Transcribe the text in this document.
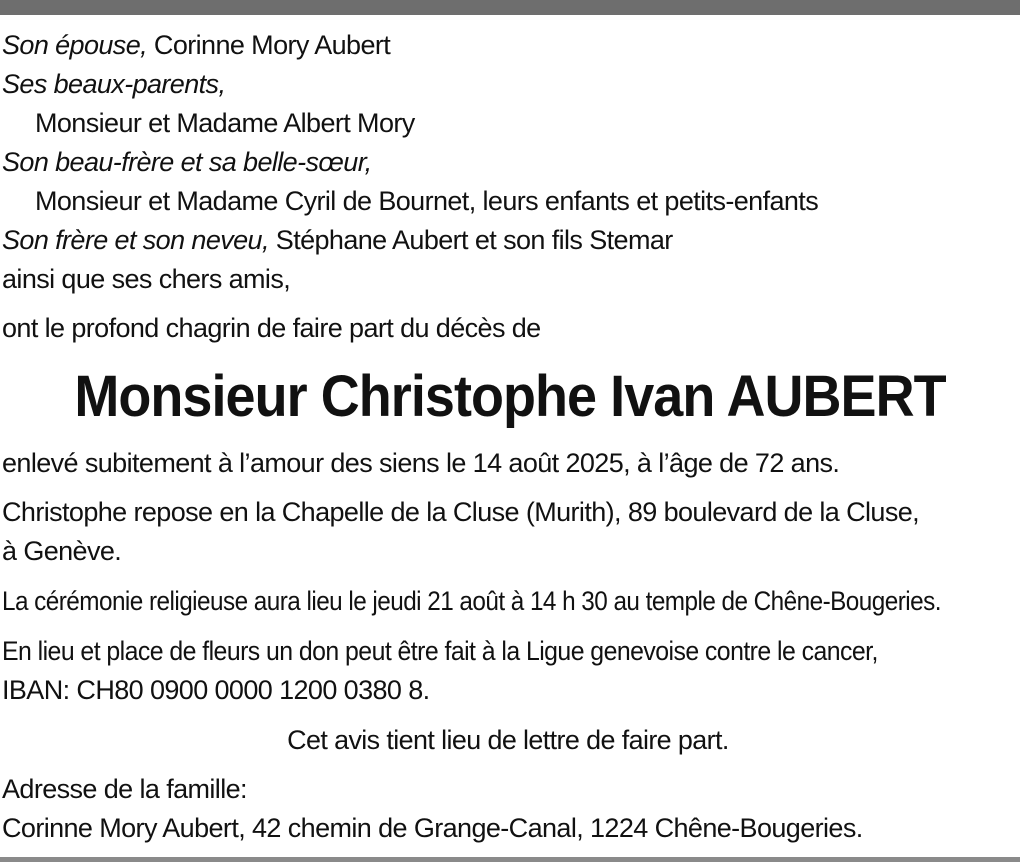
Son épouse, Corinne Mory Aubert
Ses beaux-parents,
Monsieur et Madame Albert Mory
Son beau-frère et sa belle-sœur,
Monsieur et Madame Cyril de Bournet, leurs enfants et petits-enfants
Son frère et son neveu, Stéphane Aubert et son fils Stemar
ainsi que ses chers amis,
ont le profond chagrin de faire part du décès de
Monsieur Christophe Ivan AUBERT
enlevé subitement à l’amour des siens le 14 août 2025, à l’âge de 72 ans.
Christophe repose en la Chapelle de la Cluse (Murith), 89 boulevard de la Cluse,
à Genève.
La cérémonie religieuse aura lieu le jeudi 21 août à 14 h 30 au temple de Chêne-Bougeries.
En lieu et place de fleurs un don peut être fait à la Ligue genevoise contre le cancer,
IBAN: CH80 0900 0000 1200 0380 8.
Cet avis tient lieu de lettre de faire part.
Adresse de la famille:
Corinne Mory Aubert, 42 chemin de Grange-Canal, 1224 Chêne-Bougeries.
